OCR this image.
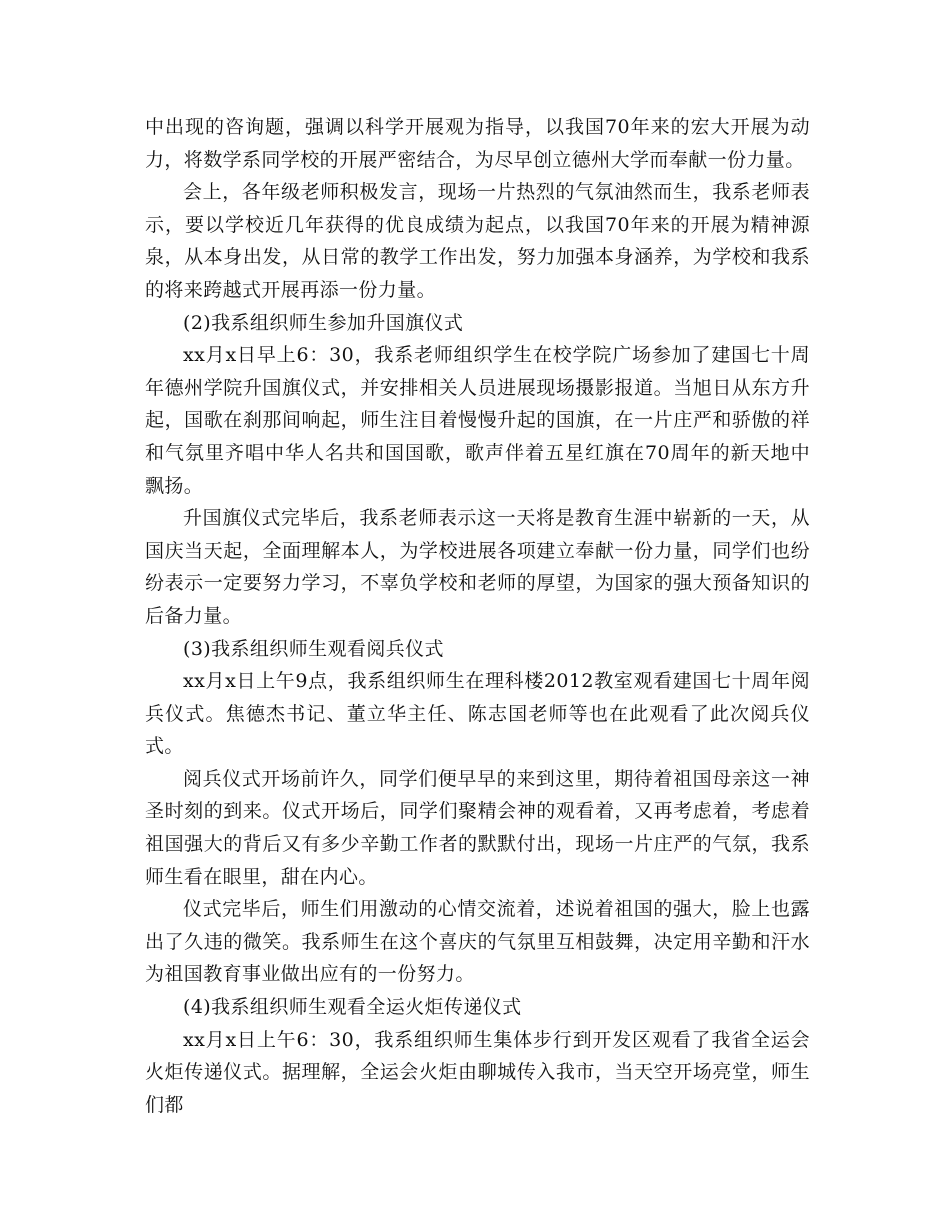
中出现的咨询题，强调以科学开展观为指导，以我国70年来的宏大开展为动力，将数学系同学校的开展严密结合，为尽早创立德州大学而奉献一份力量。

会上，各年级老师积极发言，现场一片热烈的气氛油然而生，我系老师表示，要以学校近几年获得的优良成绩为起点，以我国70年来的开展为精神源泉，从本身出发，从日常的教学工作出发，努力加强本身涵养，为学校和我系的将来跨越式开展再添一份力量。

(2)我系组织师生参加升国旗仪式

xx月x日早上6：30，我系老师组织学生在校学院广场参加了建国七十周年德州学院升国旗仪式，并安排相关人员进展现场摄影报道。当旭日从东方升起，国歌在刹那间响起，师生注目着慢慢升起的国旗，在一片庄严和骄傲的祥和气氛里齐唱中华人名共和国国歌，歌声伴着五星红旗在70周年的新天地中飘扬。

升国旗仪式完毕后，我系老师表示这一天将是教育生涯中崭新的一天，从国庆当天起，全面理解本人，为学校进展各项建立奉献一份力量，同学们也纷纷表示一定要努力学习，不辜负学校和老师的厚望，为国家的强大预备知识的后备力量。

(3)我系组织师生观看阅兵仪式

xx月x日上午9点，我系组织师生在理科楼2012教室观看建国七十周年阅兵仪式。焦德杰书记、董立华主任、陈志国老师等也在此观看了此次阅兵仪式。

阅兵仪式开场前许久，同学们便早早的来到这里，期待着祖国母亲这一神圣时刻的到来。仪式开场后，同学们聚精会神的观看着，又再考虑着，考虑着祖国强大的背后又有多少辛勤工作者的默默付出，现场一片庄严的气氛，我系师生看在眼里，甜在内心。

仪式完毕后，师生们用激动的心情交流着，述说着祖国的强大，脸上也露出了久违的微笑。我系师生在这个喜庆的气氛里互相鼓舞，决定用辛勤和汗水为祖国教育事业做出应有的一份努力。

(4)我系组织师生观看全运火炬传递仪式

xx月x日上午6：30，我系组织师生集体步行到开发区观看了我省全运会火炬传递仪式。据理解，全运会火炬由聊城传入我市，当天空开场亮堂，师生们都
